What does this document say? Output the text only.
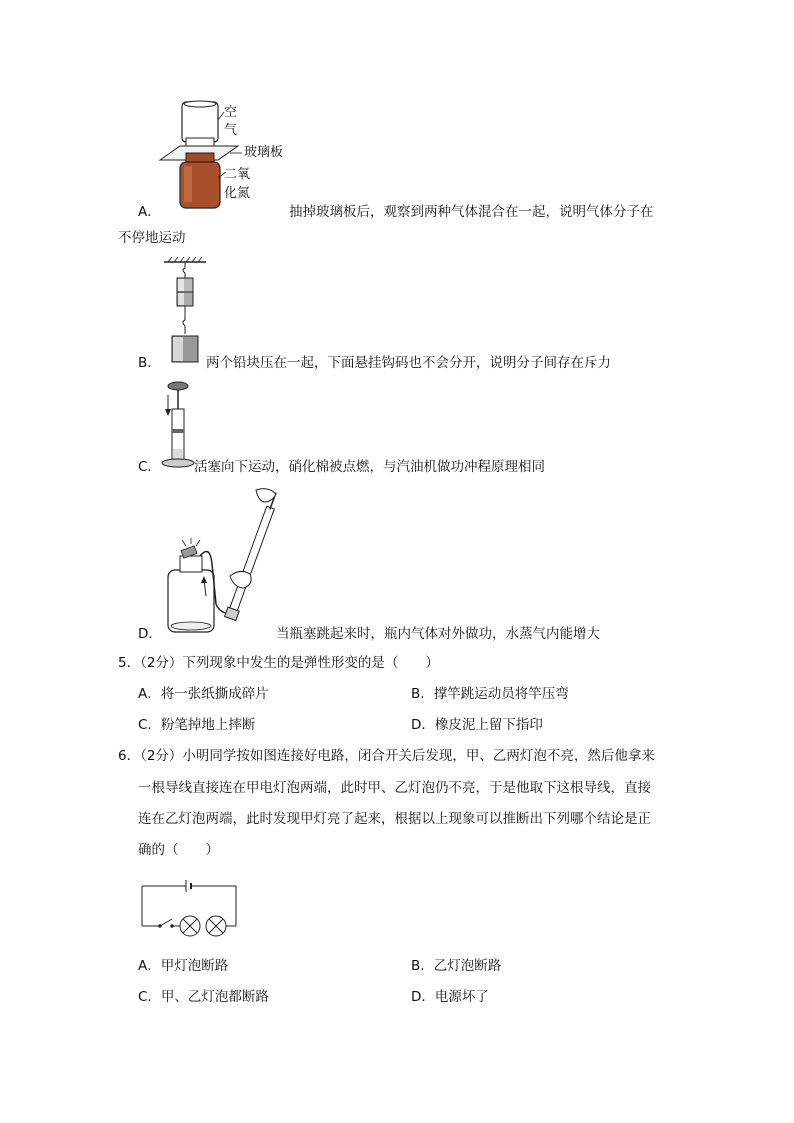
空
气
玻璃板
二氧
化氮
A．	抽掉玻璃板后，观察到两种气体混合在一起，说明气体分子在
不停地运动
B．	两个铅块压在一起，下面悬挂钩码也不会分开，说明分子间存在斥力
C． 活塞向下运动，硝化棉被点燃，与汽油机做功冲程原理相同
D．	当瓶塞跳起来时，瓶内气体对外做功，水蒸气内能增大
5．（2分）下列现象中发生的是弹性形变的是（　　）
A．将一张纸撕成碎片	B．撑竿跳运动员将竿压弯
C．粉笔掉地上摔断	D．橡皮泥上留下指印
6．（2分）小明同学按如图连接好电路，闭合开关后发现，甲、乙两灯泡不亮，然后他拿来
一根导线直接连在甲电灯泡两端，此时甲、乙灯泡仍不亮，于是他取下这根导线，直接
连在乙灯泡两端，此时发现甲灯亮了起来，根据以上现象可以推断出下列哪个结论是正
确的（　　）
A．甲灯泡断路	B．乙灯泡断路
C．甲、乙灯泡都断路	D．电源坏了
